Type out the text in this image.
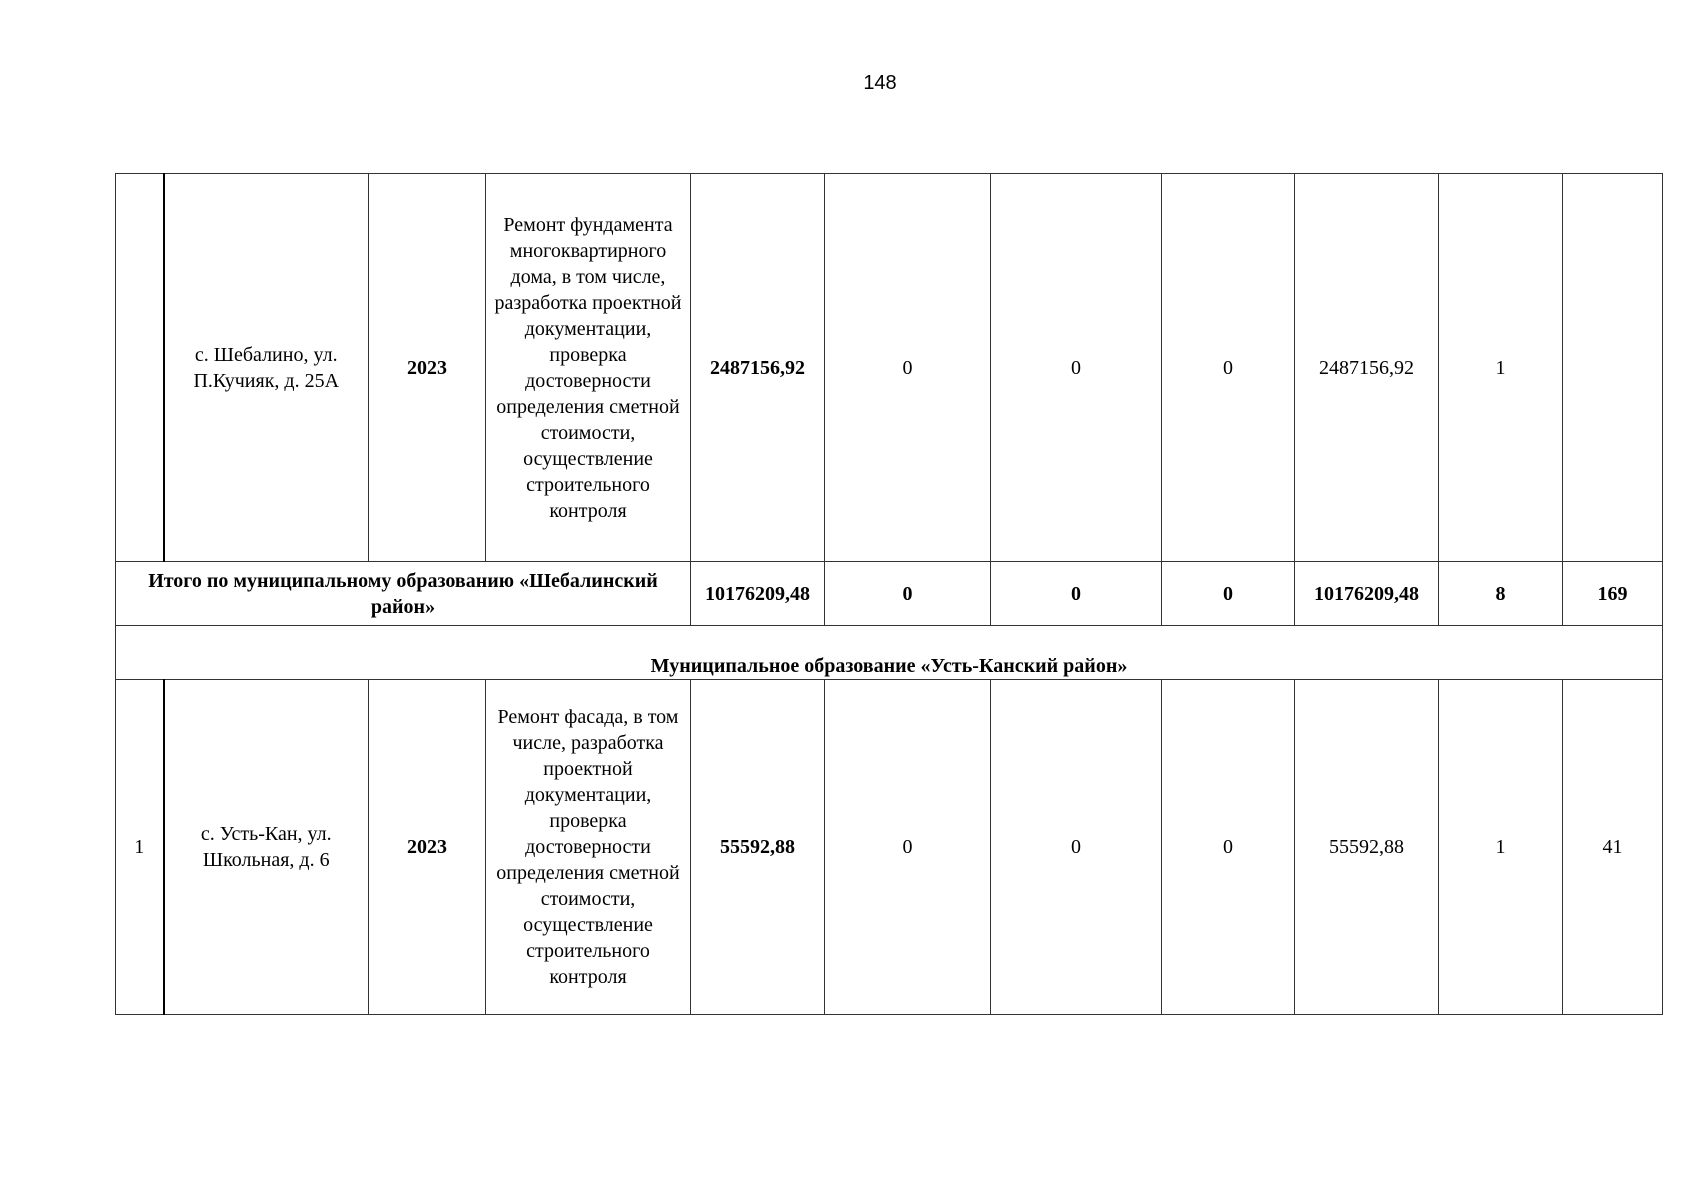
148
	с. Шебалино, ул. П.Кучияк, д. 25А	2023	Ремонт фундамента многоквартирного дома, в том числе, разработка проектной документации, проверка достоверности определения сметной стоимости, осуществление строительного контроля	2487156,92	0	0	0	2487156,92	1	
Итого по муниципальному образованию «Шебалинский район»				10176209,48	0	0	0	10176209,48	8	169
Муниципальное образование «Усть-Канский район»										
1	с. Усть-Кан, ул. Школьная, д. 6	2023	Ремонт фасада, в том числе, разработка проектной документации, проверка достоверности определения сметной стоимости, осуществление строительного контроля	55592,88	0	0	0	55592,88	1	41
